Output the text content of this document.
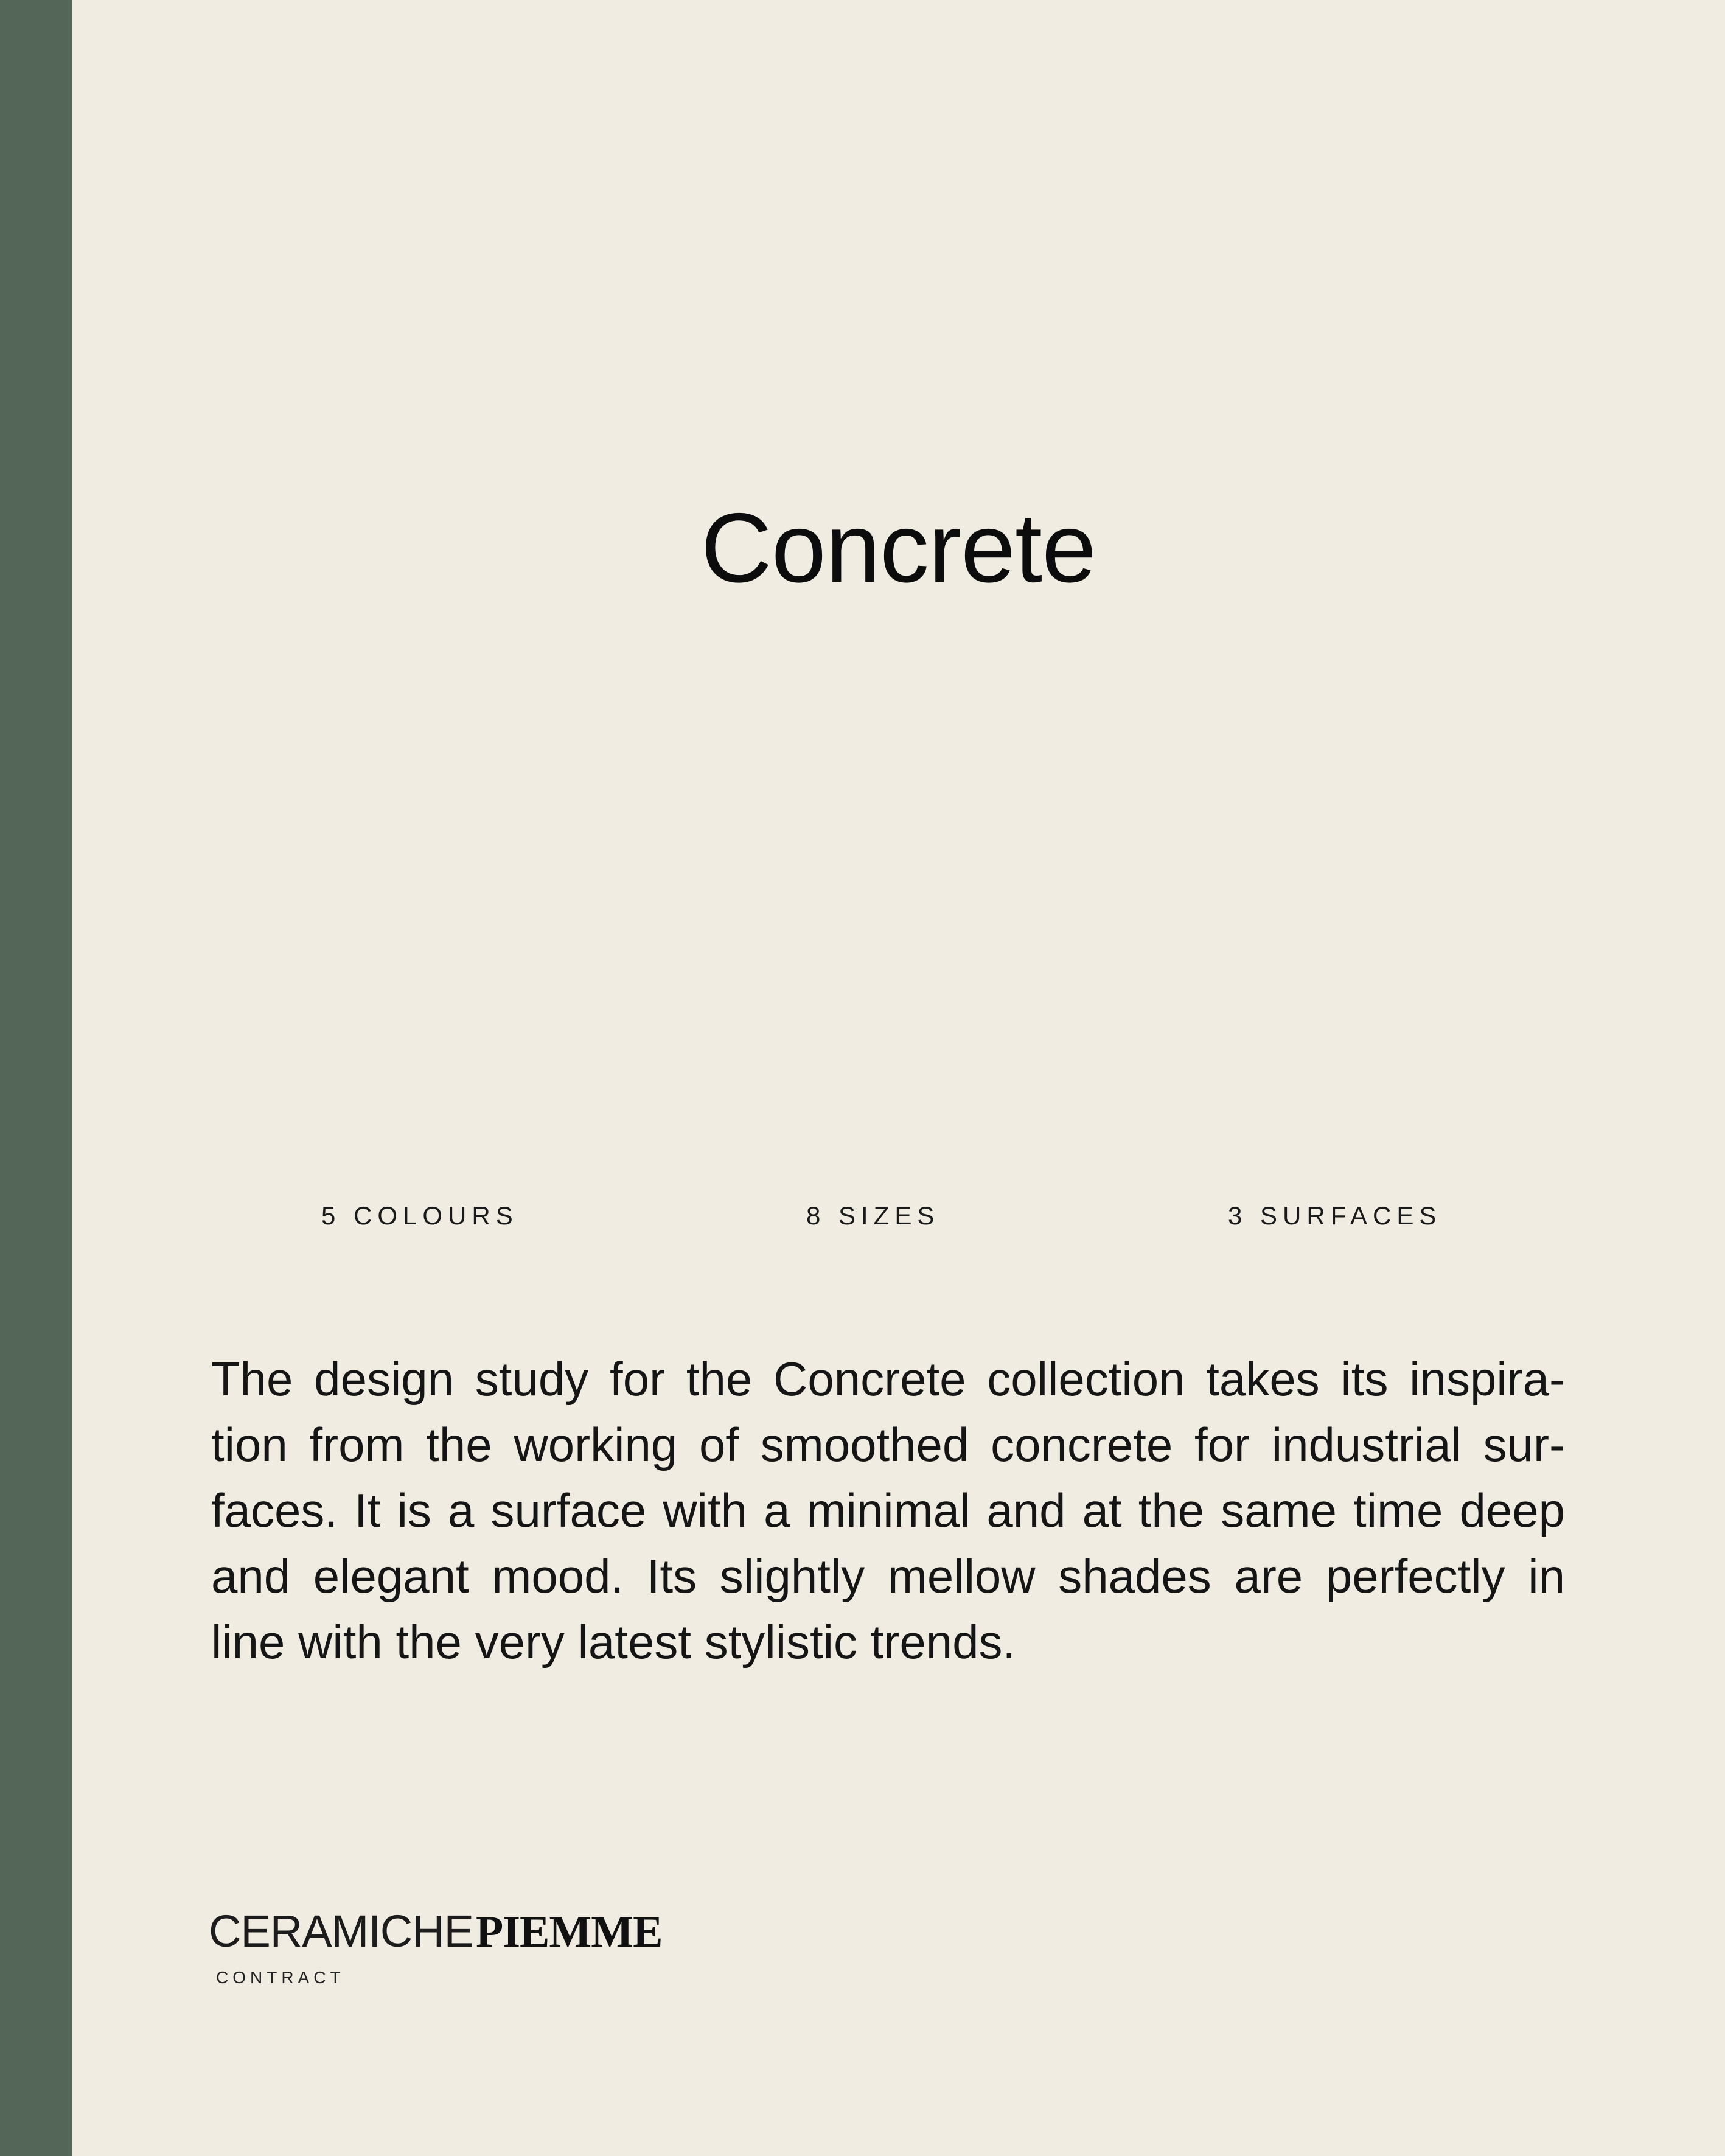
Concrete
5 COLOURS	8 SIZES	3 SURFACES

The design study for the Concrete collection takes its inspira-
tion from the working of smoothed concrete for industrial sur-
faces. It is a surface with a minimal and at the same time deep
and elegant mood. Its slightly mellow shades are perfectly in
line with the very latest stylistic trends.

CERAMICHEPIEMME
CONTRACT
